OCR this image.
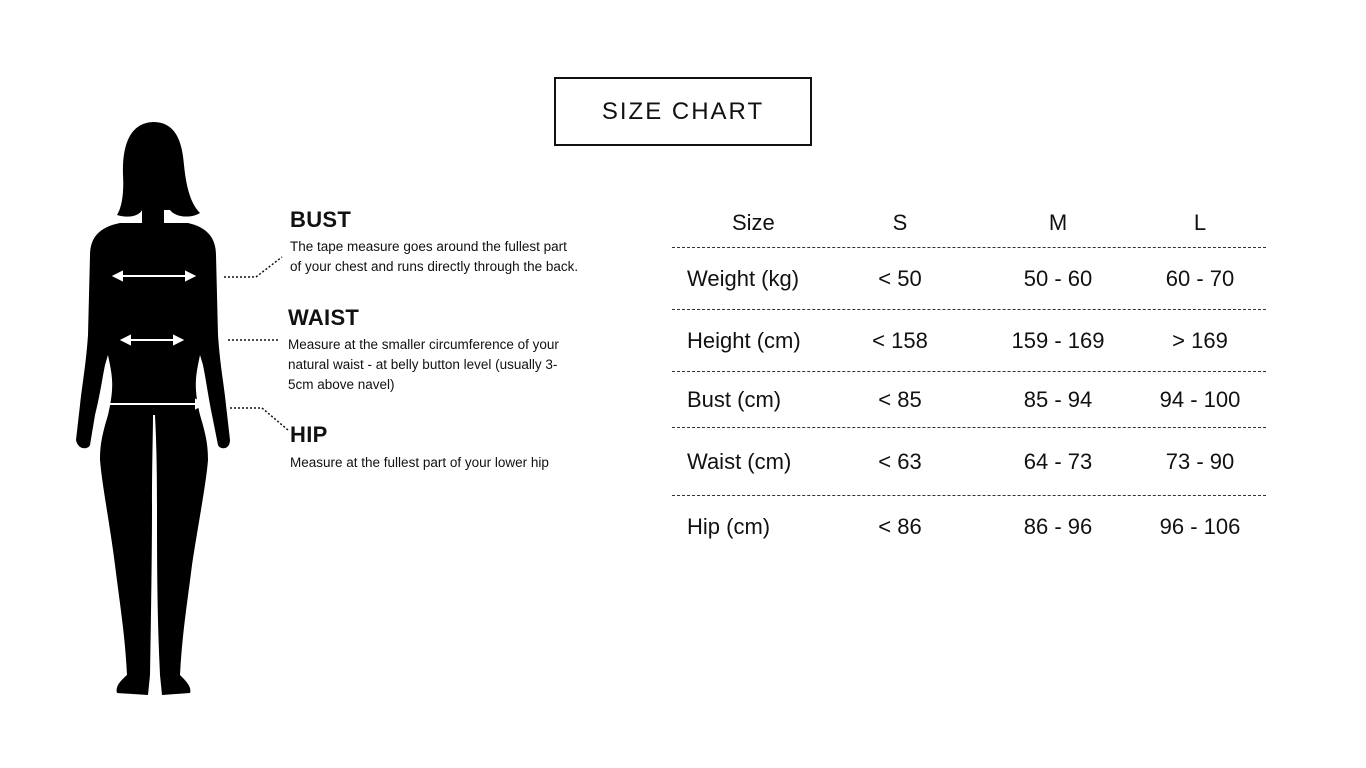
SIZE CHART
BUST

The tape measure goes around the fullest part

of your chest and runs directly through the back.

WAIST

Measure at the smaller circumference of your

natural waist - at belly button level (usually 3-

5cm above navel)

HIP

Measure at the fullest part of your lower hip

Size	S	M	L
Weight (kg)	< 50	50 - 60	60 - 70
Height (cm)	< 158	159 - 169	> 169
Bust (cm)	< 85	85 - 94	94 - 100
Waist (cm)	< 63	64 - 73	73 - 90
Hip (cm)	< 86	86 - 96	96 - 106
